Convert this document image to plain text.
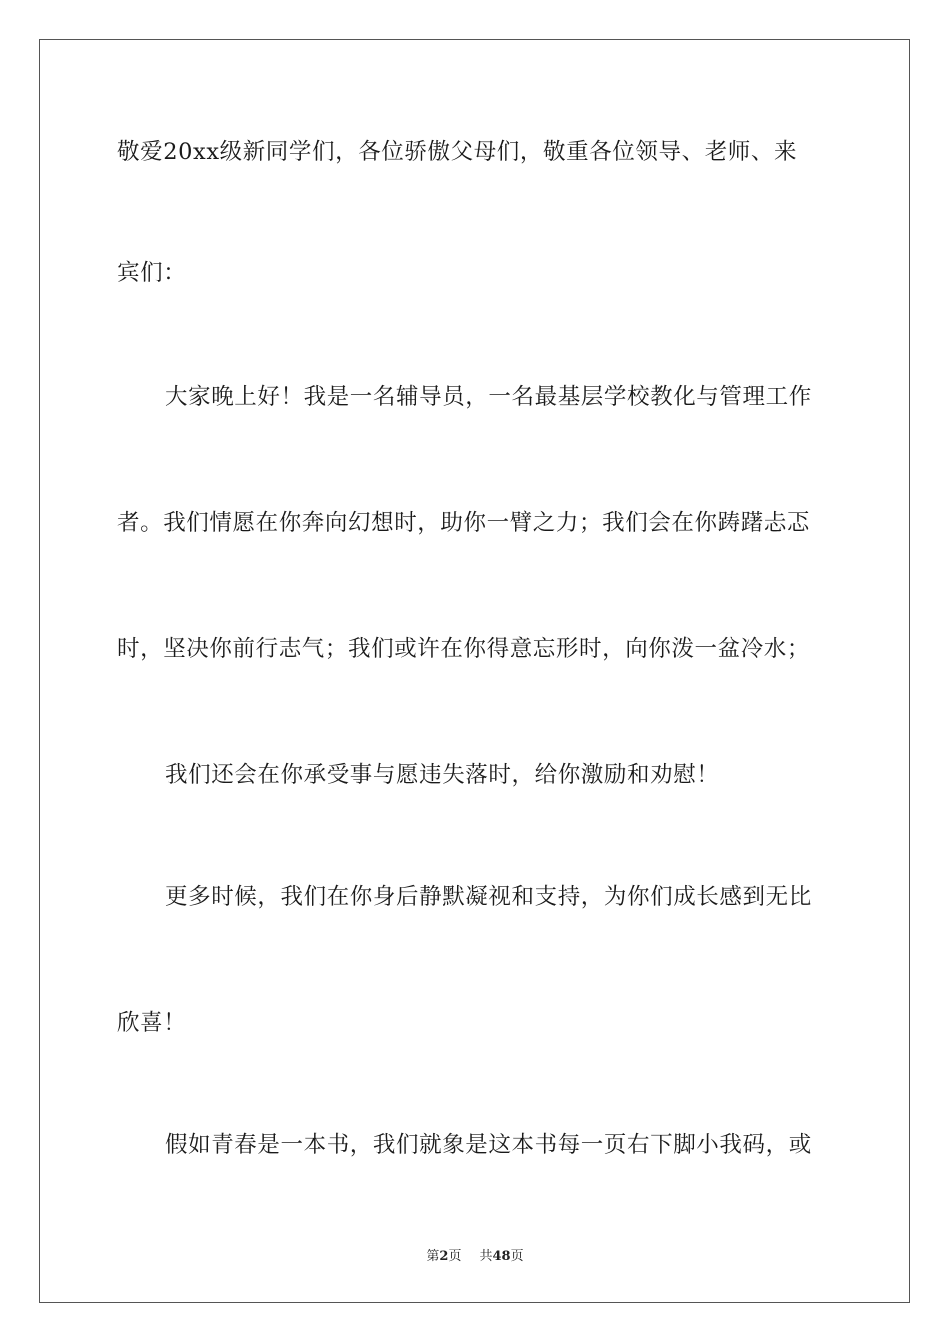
敬爱20xx级新同学们，各位骄傲父母们，敬重各位领导、老师、来
宾们：
大家晚上好！我是一名辅导员，一名最基层学校教化与管理工作
者。我们情愿在你奔向幻想时，助你一臂之力；我们会在你踌躇忐忑
时，坚决你前行志气；我们或许在你得意忘形时，向你泼一盆冷水；
我们还会在你承受事与愿违失落时，给你激励和劝慰！
更多时候，我们在你身后静默凝视和支持，为你们成长感到无比
欣喜！
假如青春是一本书，我们就象是这本书每一页右下脚小我码，或
第2页 共48页
